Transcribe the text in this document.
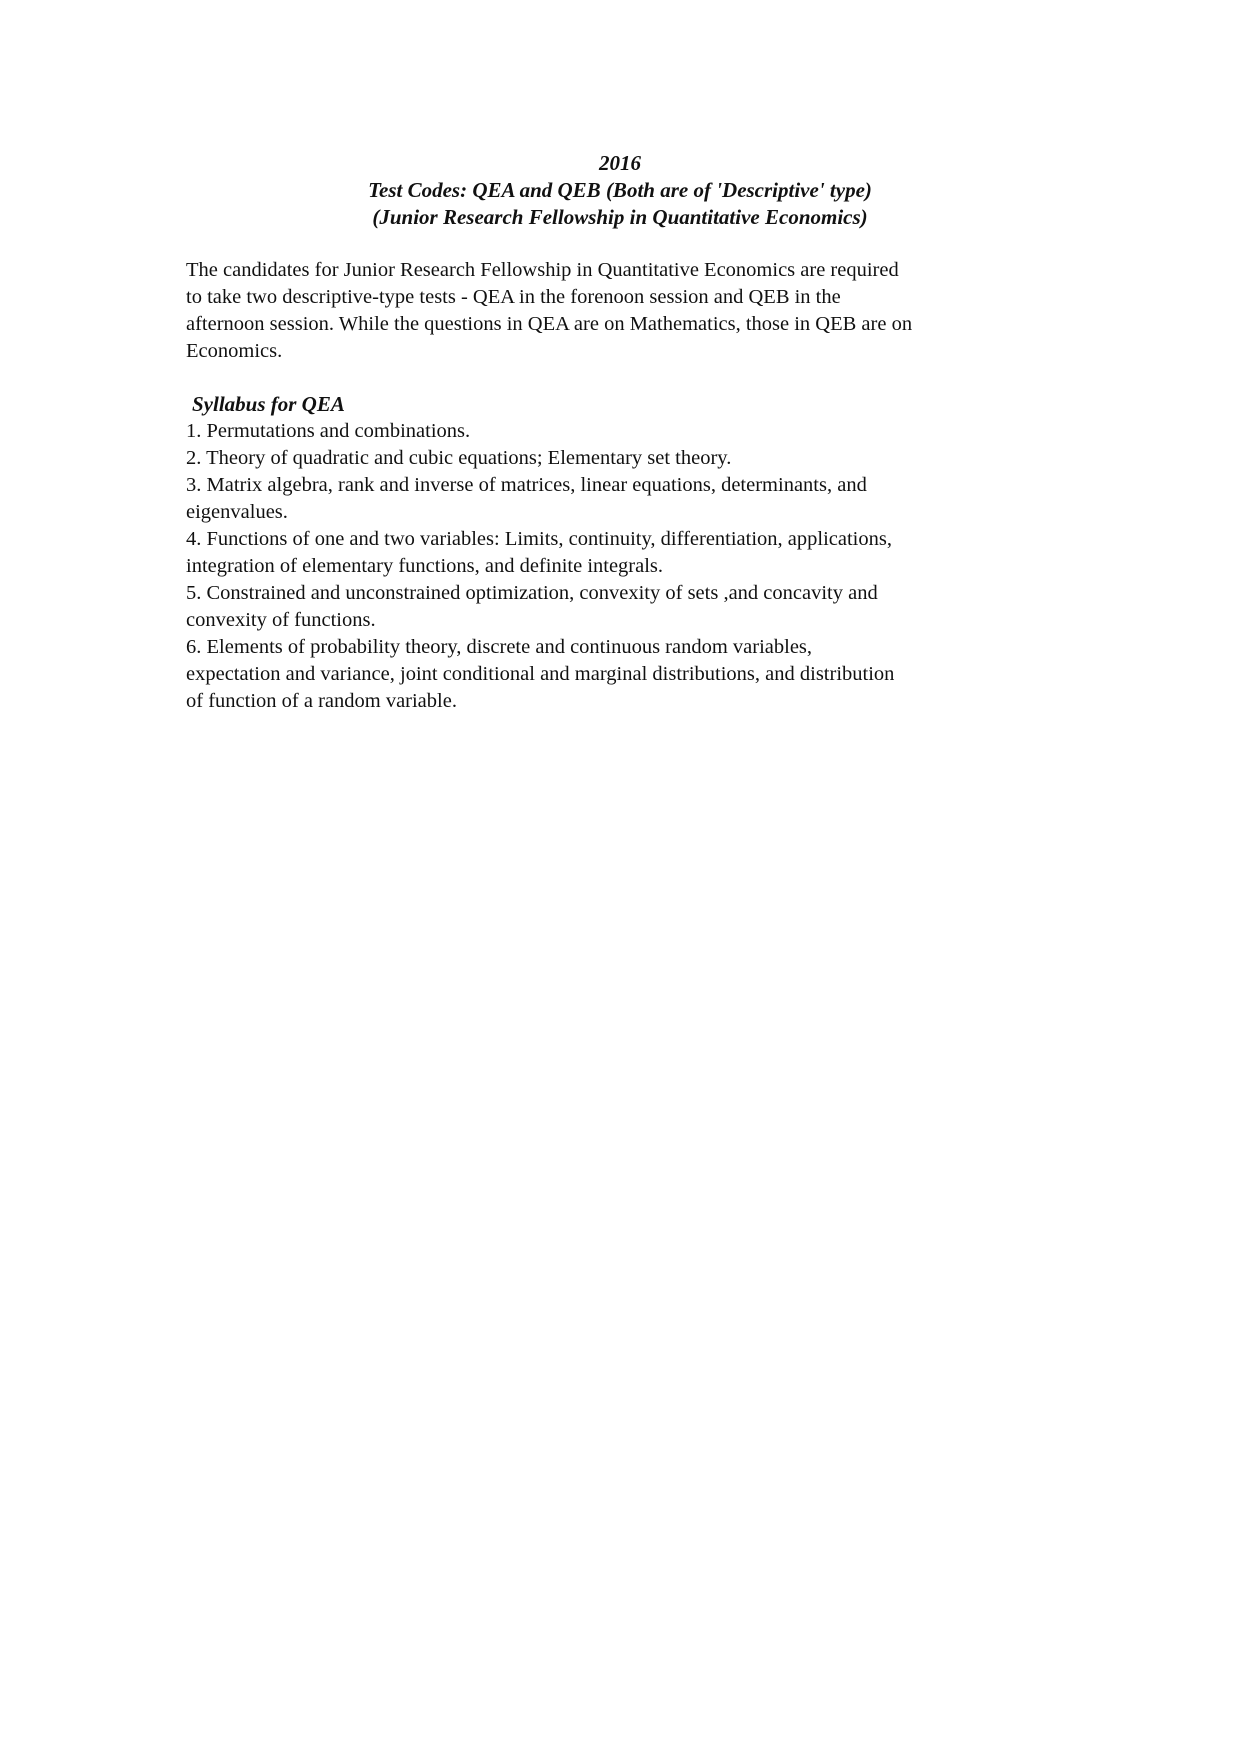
2016
Test Codes: QEA and QEB (Both are of 'Descriptive' type)
(Junior Research Fellowship in Quantitative Economics)
The candidates for Junior Research Fellowship in Quantitative Economics are required
to take two descriptive-type tests - QEA in the forenoon session and QEB in the
afternoon session. While the questions in QEA are on Mathematics, those in QEB are on
Economics.
Syllabus for QEA
1. Permutations and combinations.
2. Theory of quadratic and cubic equations; Elementary set theory.
3. Matrix algebra, rank and inverse of matrices, linear equations, determinants, and
eigenvalues.
4. Functions of one and two variables: Limits, continuity, differentiation, applications,
integration of elementary functions, and definite integrals.
5. Constrained and unconstrained optimization, convexity of sets ,and concavity and
convexity of functions.
6. Elements of probability theory, discrete and continuous random variables,
expectation and variance, joint conditional and marginal distributions, and distribution
of function of a random variable.
